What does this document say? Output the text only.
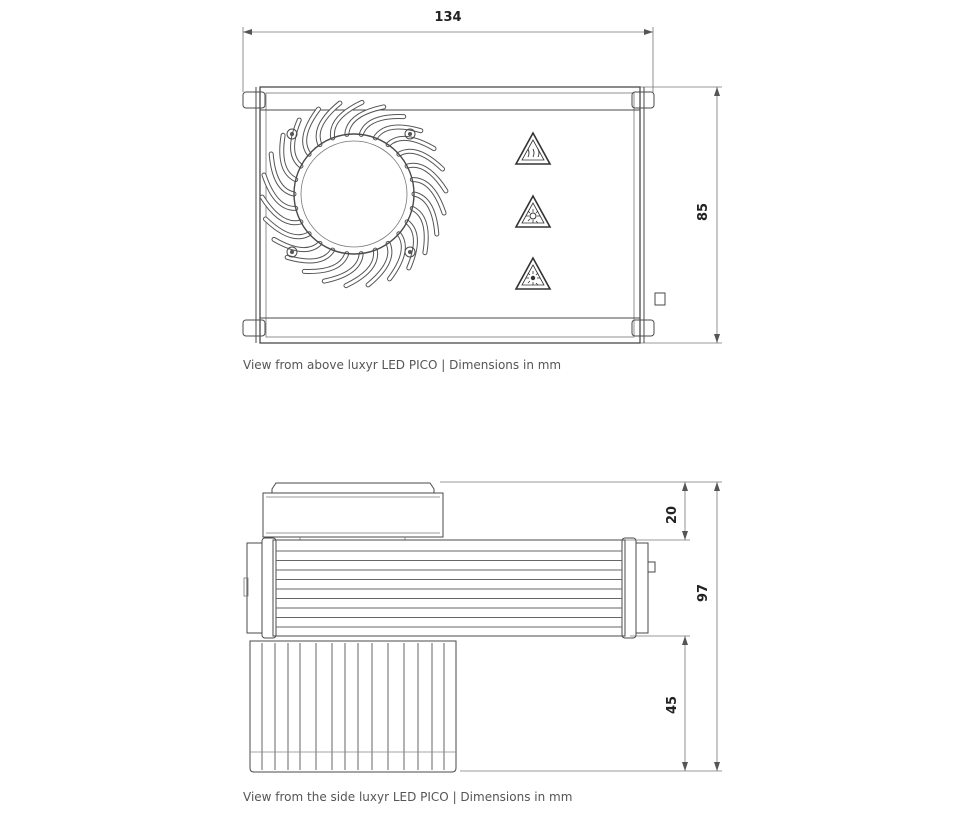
134
85
20
97
45
View from above luxyr LED PICO | Dimensions in mm
View from the side luxyr LED PICO | Dimensions in mm
